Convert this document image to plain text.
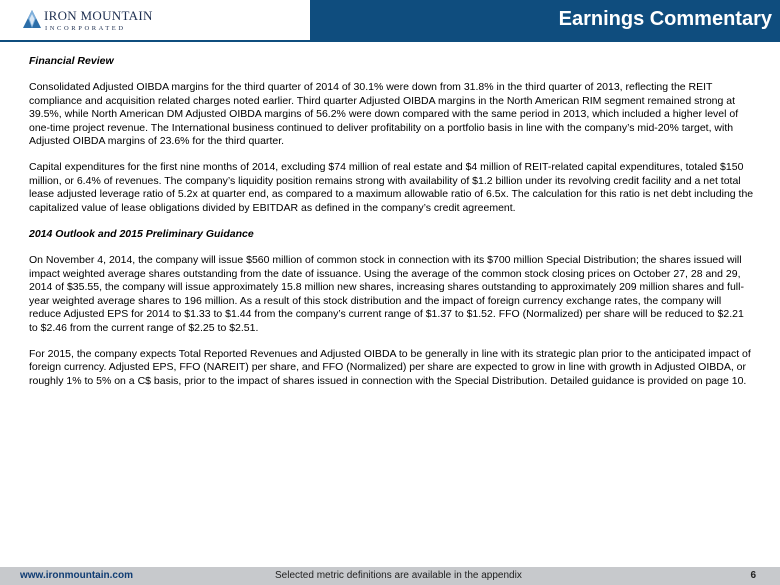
IRON MOUNTAIN
INCORPORATED	Earnings Commentary

Financial Review

Consolidated Adjusted OIBDA margins for the third quarter of 2014 of 30.1% were down from 31.8% in the third quarter of 2013, reflecting the REIT compliance and acquisition related charges noted earlier. Third quarter Adjusted OIBDA margins in the North American RIM segment remained strong at 39.5%, while North American DM Adjusted OIBDA margins of 56.2% were down compared with the same period in 2013, which included a higher level of one-time project revenue. The International business continued to deliver profitability on a portfolio basis in line with the company’s mid-20% target, with Adjusted OIBDA margins of 23.6% for the third quarter.

Capital expenditures for the first nine months of 2014, excluding $74 million of real estate and $4 million of REIT-related capital expenditures, totaled $150 million, or 6.4% of revenues. The company’s liquidity position remains strong with availability of $1.2 billion under its revolving credit facility and a net total lease adjusted leverage ratio of 5.2x at quarter end, as compared to a maximum allowable ratio of 6.5x. The calculation for this ratio is net debt including the capitalized value of lease obligations divided by EBITDAR as defined in the company’s credit agreement.

2014 Outlook and 2015 Preliminary Guidance

On November 4, 2014, the company will issue $560 million of common stock in connection with its $700 million Special Distribution; the shares issued will impact weighted average shares outstanding from the date of issuance. Using the average of the common stock closing prices on October 27, 28 and 29, 2014 of $35.55, the company will issue approximately 15.8 million new shares, increasing shares outstanding to approximately 209 million shares and full-year weighted average shares to 196 million. As a result of this stock distribution and the impact of foreign currency exchange rates, the company will reduce Adjusted EPS for 2014 to $1.33 to $1.44 from the company’s current range of $1.37 to $1.52. FFO (Normalized) per share will be reduced to $2.21 to $2.46 from the current range of $2.25 to $2.51.

For 2015, the company expects Total Reported Revenues and Adjusted OIBDA to be generally in line with its strategic plan prior to the anticipated impact of foreign currency. Adjusted EPS, FFO (NAREIT) per share, and FFO (Normalized) per share are expected to grow in line with growth in Adjusted OIBDA, or roughly 1% to 5% on a C$ basis, prior to the impact of shares issued in connection with the Special Distribution. Detailed guidance is provided on page 10.

www.ironmountain.com	Selected metric definitions are available in the appendix	6
